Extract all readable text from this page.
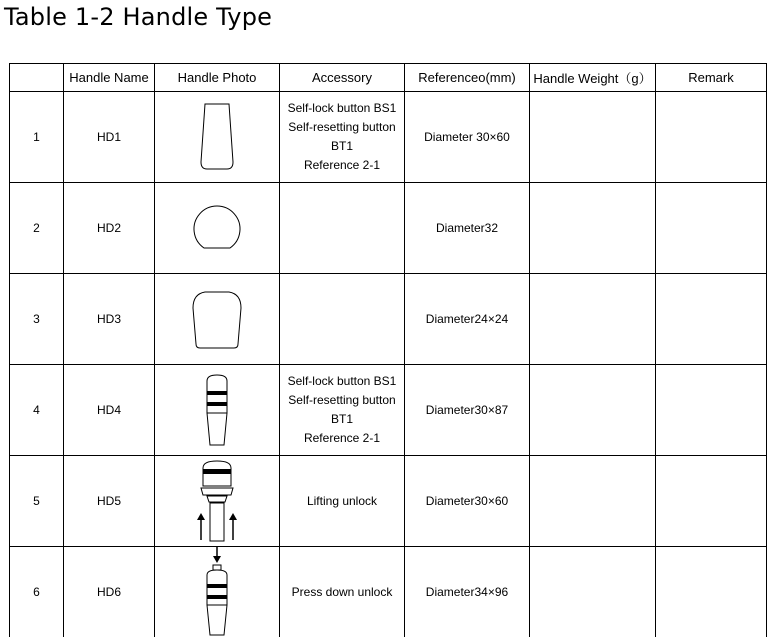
Table 1-2 Handle Type
	Handle Name	Handle Photo	Accessory	Referenceo(mm)	Handle Weight（g）	Remark
1	HD1		Self-lock button BS1
Self-resetting button BT1
Reference 2-1	Diameter 30×60		
2	HD2			Diameter32		
3	HD3			Diameter24×24		
4	HD4		Self-lock button BS1
Self-resetting button BT1
Reference 2-1	Diameter30×87		
5	HD5		Lifting unlock	Diameter30×60		
6	HD6		Press down unlock	Diameter34×96		
